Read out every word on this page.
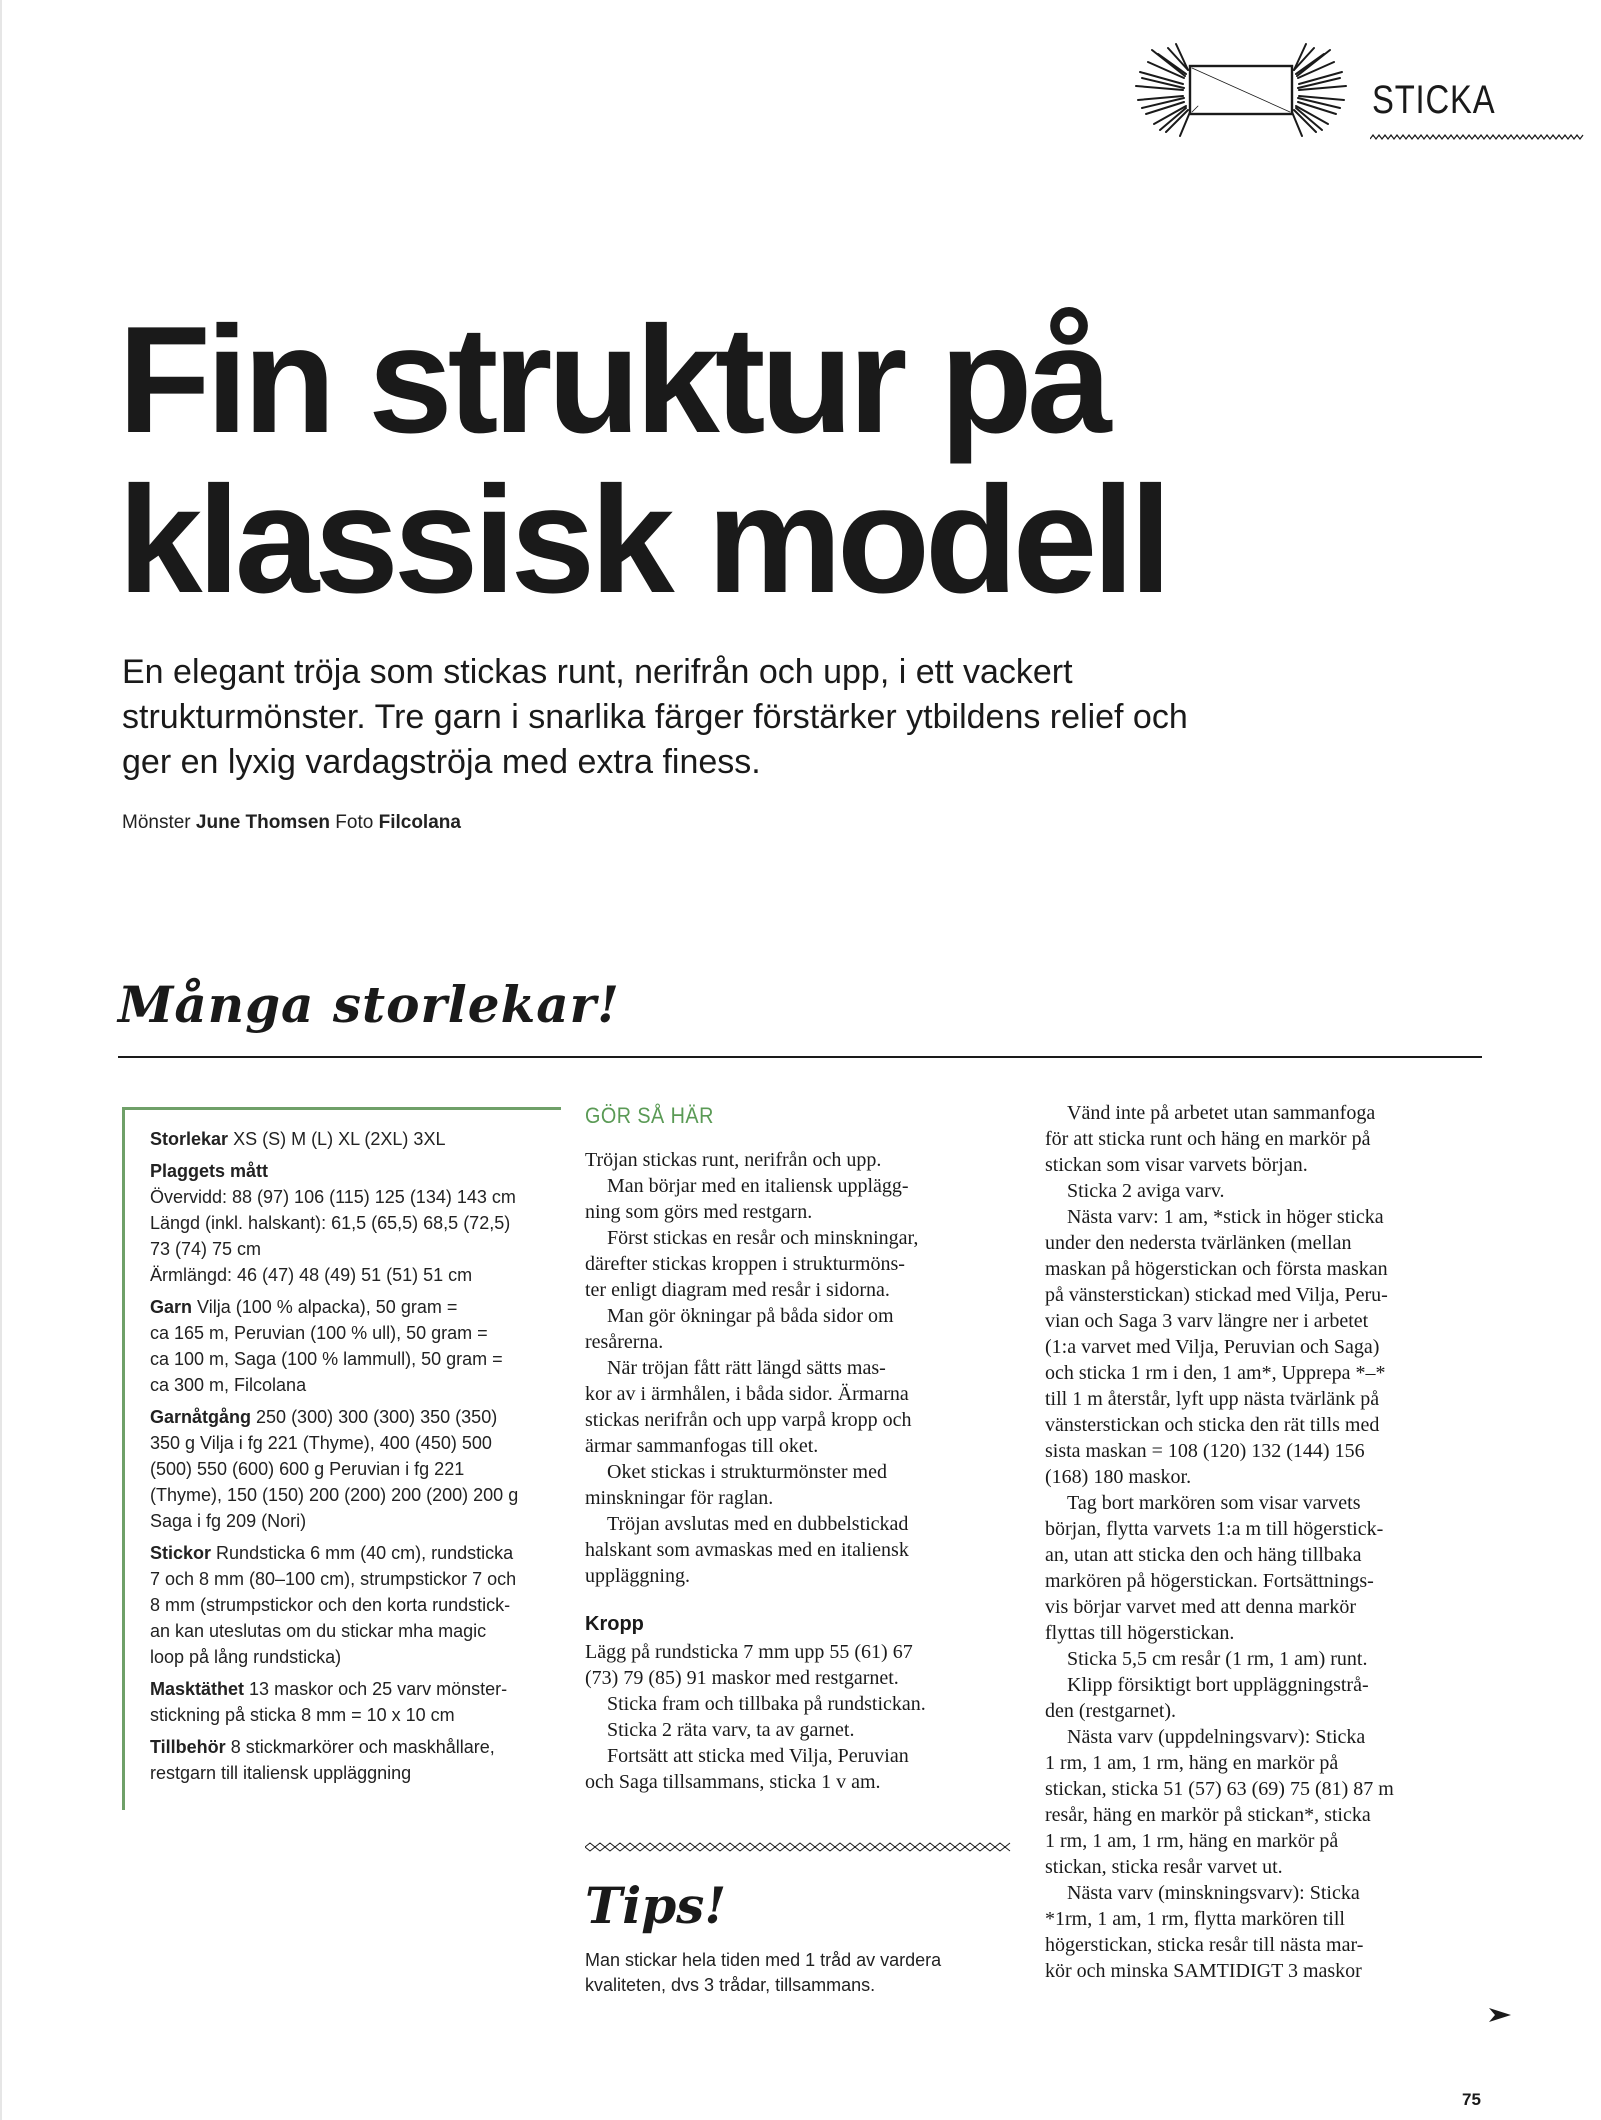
STICKA
Fin struktur på
klassisk modell
En elegant tröja som stickas runt, nerifrån och upp, i ett vackert
strukturmönster. Tre garn i snarlika färger förstärker ytbildens relief och
ger en lyxig vardagströja med extra finess.
Mönster June Thomsen Foto Filcolana
Många storlekar!
Storlekar XS (S) M (L) XL (2XL) 3XL
Plaggets mått
Övervidd: 88 (97) 106 (115) 125 (134) 143 cm
Längd (inkl. halskant): 61,5 (65,5) 68,5 (72,5)
73 (74) 75 cm
Ärmlängd: 46 (47) 48 (49) 51 (51) 51 cm
Garn Vilja (100 % alpacka), 50 gram =
ca 165 m, Peruvian (100 % ull), 50 gram =
ca 100 m, Saga (100 % lammull), 50 gram =
ca 300 m, Filcolana
Garnåtgång 250 (300) 300 (300) 350 (350)
350 g Vilja i fg 221 (Thyme), 400 (450) 500
(500) 550 (600) 600 g Peruvian i fg 221
(Thyme), 150 (150) 200 (200) 200 (200) 200 g
Saga i fg 209 (Nori)
Stickor Rundsticka 6 mm (40 cm), rundsticka
7 och 8 mm (80–100 cm), strumpstickor 7 och
8 mm (strumpstickor och den korta rundstick-
an kan uteslutas om du stickar mha magic
loop på lång rundsticka)
Masktäthet 13 maskor och 25 varv mönster-
stickning på sticka 8 mm = 10 x 10 cm
Tillbehör 8 stickmarkörer och maskhållare,
restgarn till italiensk uppläggning
GÖR SÅ HÄR
Tröjan stickas runt, nerifrån och upp.
Man börjar med en italiensk upplägg-
ning som görs med restgarn.
Först stickas en resår och minskningar,
därefter stickas kroppen i strukturmöns-
ter enligt diagram med resår i sidorna.
Man gör ökningar på båda sidor om
resårerna.
När tröjan fått rätt längd sätts mas-
kor av i ärmhålen, i båda sidor. Ärmarna
stickas nerifrån och upp varpå kropp och
ärmar sammanfogas till oket.
Oket stickas i strukturmönster med
minskningar för raglan.
Tröjan avslutas med en dubbelstickad
halskant som avmaskas med en italiensk
uppläggning.
Kropp
Lägg på rundsticka 7 mm upp 55 (61) 67
(73) 79 (85) 91 maskor med restgarnet.
Sticka fram och tillbaka på rundstickan.
Sticka 2 räta varv, ta av garnet.
Fortsätt att sticka med Vilja, Peruvian
och Saga tillsammans, sticka 1 v am.
Vänd inte på arbetet utan sammanfoga
för att sticka runt och häng en markör på
stickan som visar varvets början.
Sticka 2 aviga varv.
Nästa varv: 1 am, *stick in höger sticka
under den nedersta tvärlänken (mellan
maskan på högerstickan och första maskan
på vänsterstickan) stickad med Vilja, Peru-
vian och Saga 3 varv längre ner i arbetet
(1:a varvet med Vilja, Peruvian och Saga)
och sticka 1 rm i den, 1 am*, Upprepa *–*
till 1 m återstår, lyft upp nästa tvärlänk på
vänsterstickan och sticka den rät tills med
sista maskan = 108 (120) 132 (144) 156
(168) 180 maskor.
Tag bort markören som visar varvets
början, flytta varvets 1:a m till högerstick-
an, utan att sticka den och häng tillbaka
markören på högerstickan. Fortsättnings-
vis börjar varvet med att denna markör
flyttas till högerstickan.
Sticka 5,5 cm resår (1 rm, 1 am) runt.
Klipp försiktigt bort uppläggningstrå-
den (restgarnet).
Nästa varv (uppdelningsvarv): Sticka
1 rm, 1 am, 1 rm, häng en markör på
stickan, sticka 51 (57) 63 (69) 75 (81) 87 m
resår, häng en markör på stickan*, sticka
1 rm, 1 am, 1 rm, häng en markör på
stickan, sticka resår varvet ut.
Nästa varv (minskningsvarv): Sticka
*1rm, 1 am, 1 rm, flytta markören till
högerstickan, sticka resår till nästa mar-
kör och minska SAMTIDIGT 3 maskor
Tips!
Man stickar hela tiden med 1 tråd av vardera
kvaliteten, dvs 3 trådar, tillsammans.
75
